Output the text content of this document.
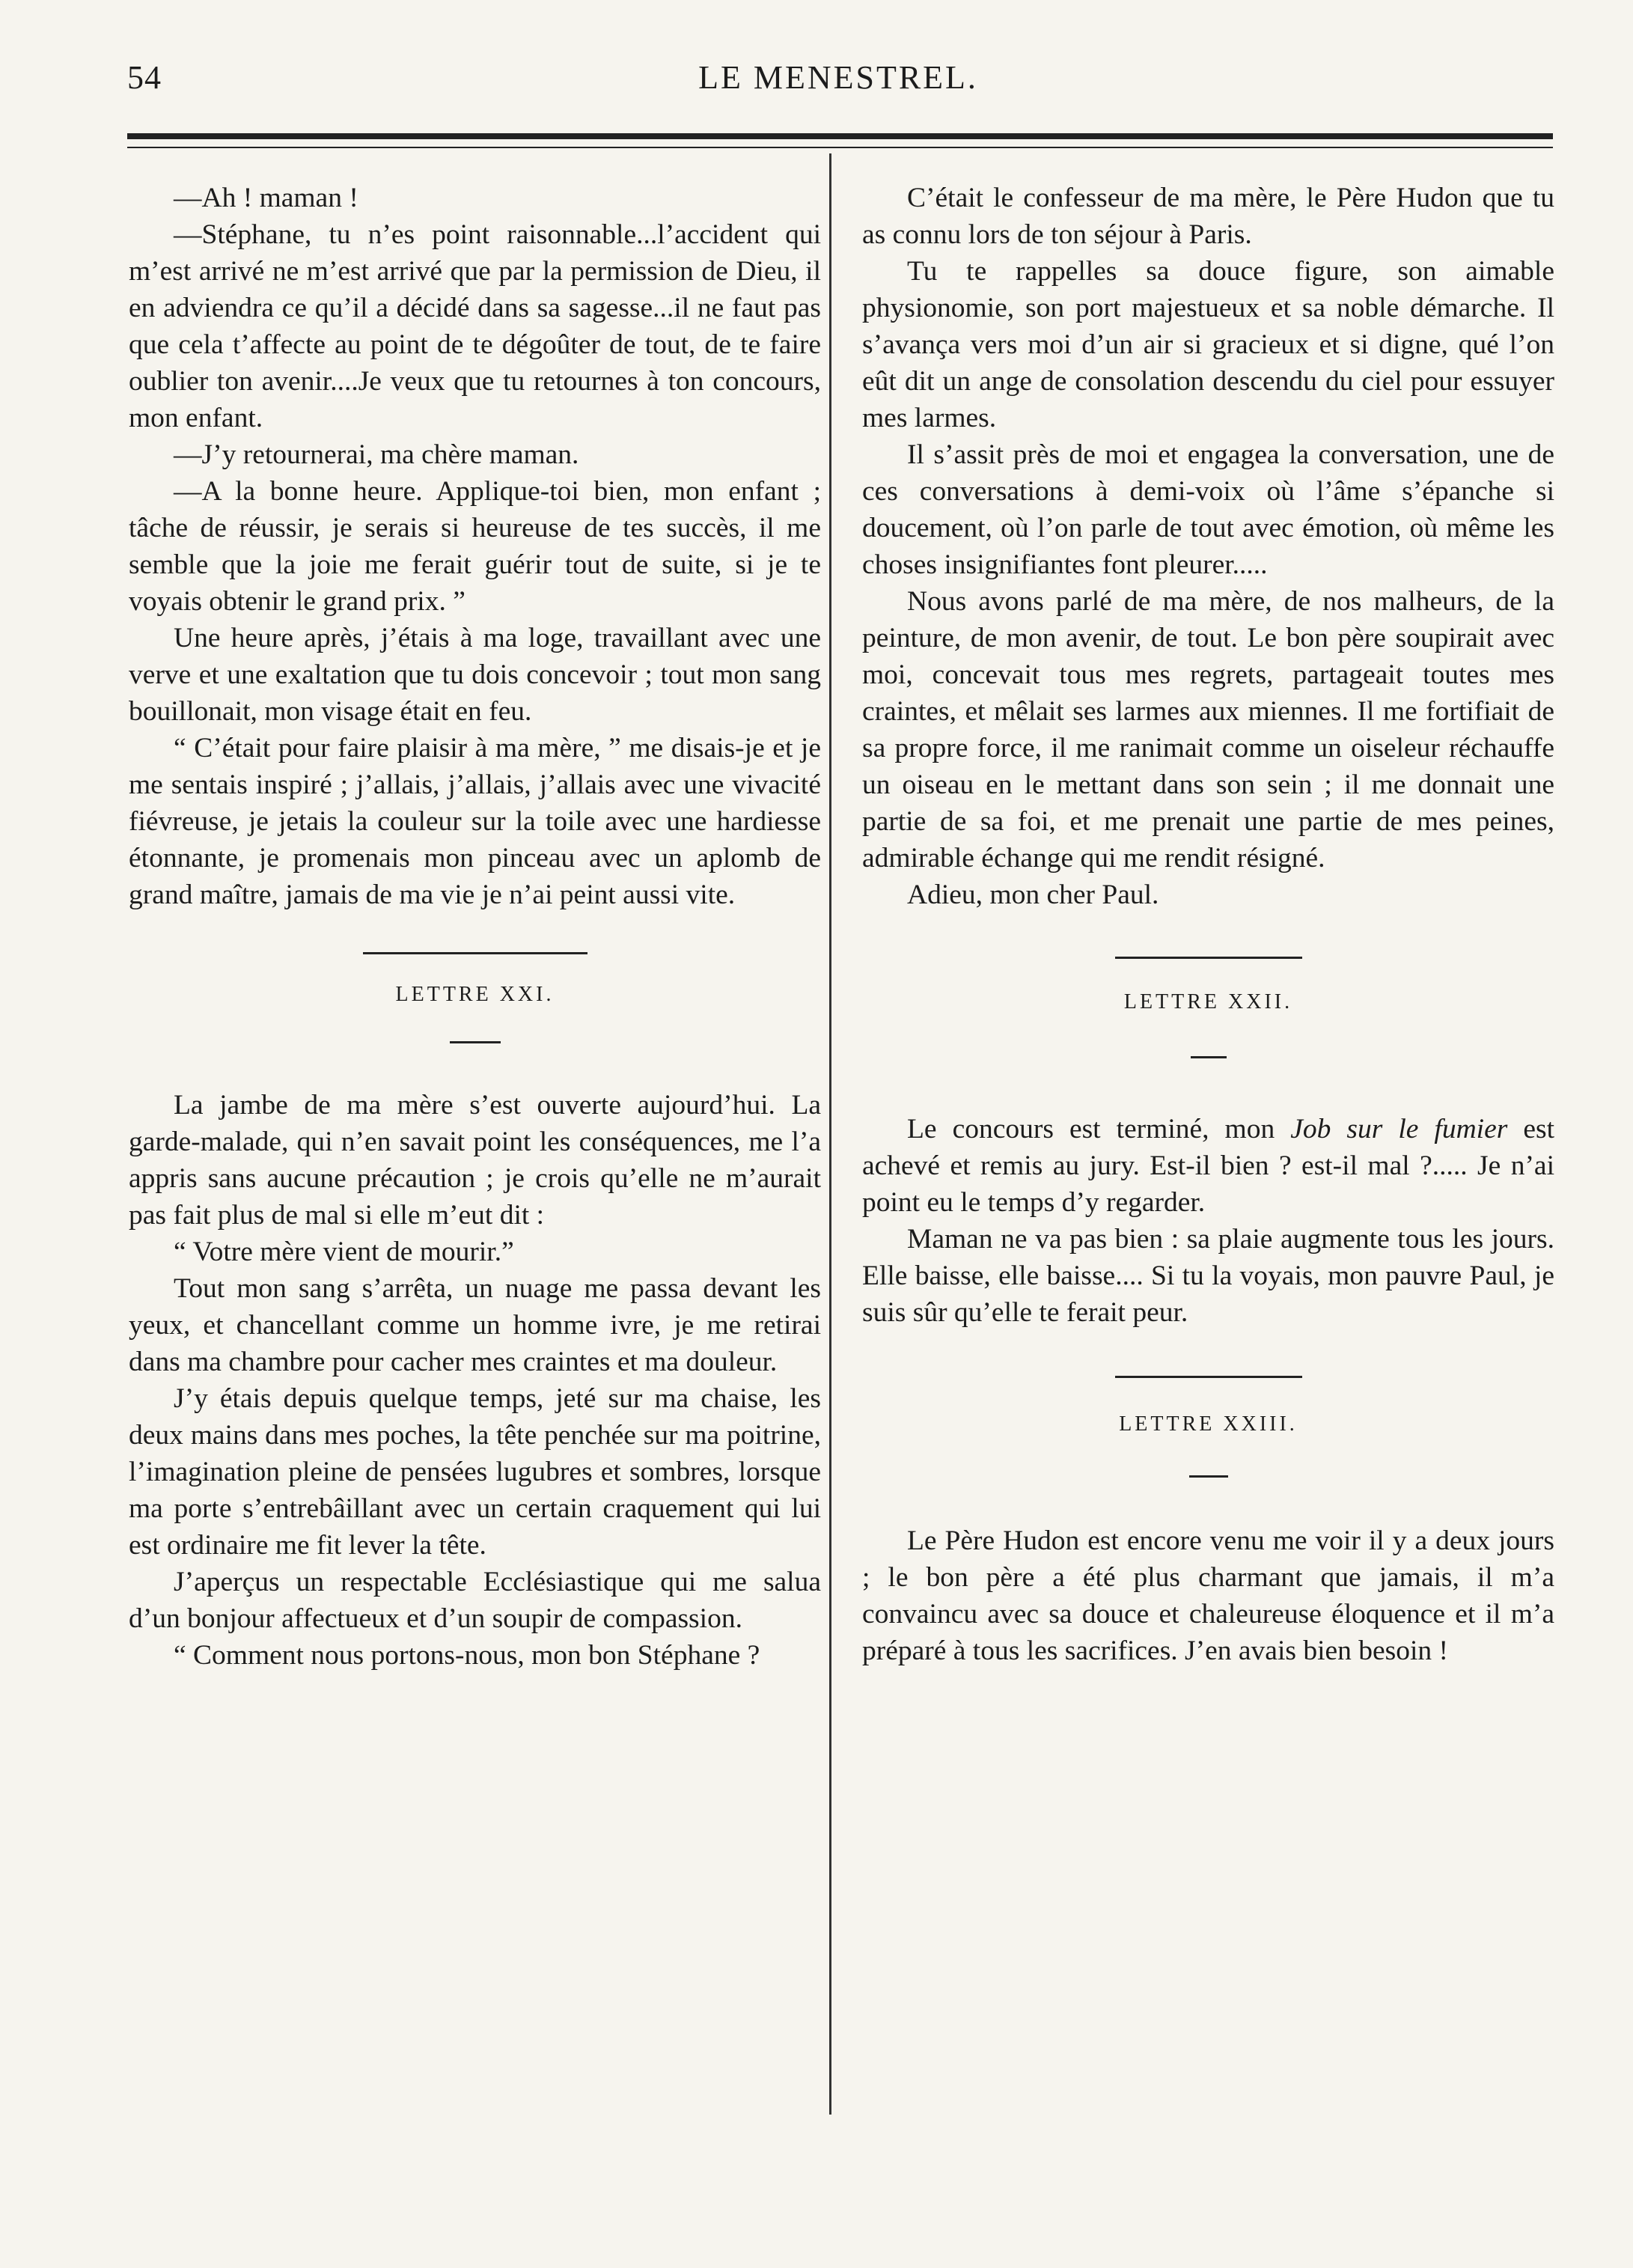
54	LE MENESTREL.

—Ah ! maman !

—Stéphane, tu n’es point raisonnable...l’accident qui m’est arrivé ne m’est arrivé que par la permission de Dieu, il en adviendra ce qu’il a décidé dans sa sagesse...il ne faut pas que cela t’affecte au point de te dégoûter de tout, de te faire oublier ton avenir....Je veux que tu retournes à ton concours, mon enfant.

—J’y retournerai, ma chère maman.

—A la bonne heure. Applique-toi bien, mon enfant ; tâche de réussir, je serais si heureuse de tes succès, il me semble que la joie me ferait guérir tout de suite, si je te voyais obtenir le grand prix. ”

Une heure après, j’étais à ma loge, travaillant avec une verve et une exaltation que tu dois concevoir ; tout mon sang bouillonait, mon visage était en feu.

“ C’était pour faire plaisir à ma mère, ” me disais-je et je me sentais inspiré ; j’allais, j’allais, j’allais avec une vivacité fiévreuse, je jetais la couleur sur la toile avec une hardiesse étonnante, je promenais mon pinceau avec un aplomb de grand maître, jamais de ma vie je n’ai peint aussi vite.

LETTRE XXI.

La jambe de ma mère s’est ouverte aujourd’hui. La garde-malade, qui n’en savait point les conséquences, me l’a appris sans aucune précaution ; je crois qu’elle ne m’aurait pas fait plus de mal si elle m’eut dit :

“ Votre mère vient de mourir.”

Tout mon sang s’arrêta, un nuage me passa devant les yeux, et chancellant comme un homme ivre, je me retirai dans ma chambre pour cacher mes craintes et ma douleur.

J’y étais depuis quelque temps, jeté sur ma chaise, les deux mains dans mes poches, la tête penchée sur ma poitrine, l’imagination pleine de pensées lugubres et sombres, lorsque ma porte s’entrebâillant avec un certain craquement qui lui est ordinaire me fit lever la tête.

J’aperçus un respectable Ecclésiastique qui me salua d’un bonjour affectueux et d’un soupir de compassion.

“ Comment nous portons-nous, mon bon Stéphane ?

C’était le confesseur de ma mère, le Père Hudon que tu as connu lors de ton séjour à Paris.

Tu te rappelles sa douce figure, son aimable physionomie, son port majestueux et sa noble démarche. Il s’avança vers moi d’un air si gracieux et si digne, qué l’on eût dit un ange de consolation descendu du ciel pour essuyer mes larmes.

Il s’assit près de moi et engagea la conversation, une de ces conversations à demi-voix où l’âme s’épanche si doucement, où l’on parle de tout avec émotion, où même les choses insignifiantes font pleurer.....

Nous avons parlé de ma mère, de nos malheurs, de la peinture, de mon avenir, de tout. Le bon père soupirait avec moi, concevait tous mes regrets, partageait toutes mes craintes, et mêlait ses larmes aux miennes. Il me fortifiait de sa propre force, il me ranimait comme un oiseleur réchauffe un oiseau en le mettant dans son sein ; il me donnait une partie de sa foi, et me prenait une partie de mes peines, admirable échange qui me rendit résigné.

Adieu, mon cher Paul.

LETTRE XXII.

Le concours est terminé, mon Job sur le fumier est achevé et remis au jury. Est-il bien ? est-il mal ?..... Je n’ai point eu le temps d’y regarder.

Maman ne va pas bien : sa plaie augmente tous les jours. Elle baisse, elle baisse.... Si tu la voyais, mon pauvre Paul, je suis sûr qu’elle te ferait peur.

LETTRE XXIII.

Le Père Hudon est encore venu me voir il y a deux jours ; le bon père a été plus charmant que jamais, il m’a convaincu avec sa douce et chaleureuse éloquence et il m’a préparé à tous les sacrifices. J’en avais bien besoin !
